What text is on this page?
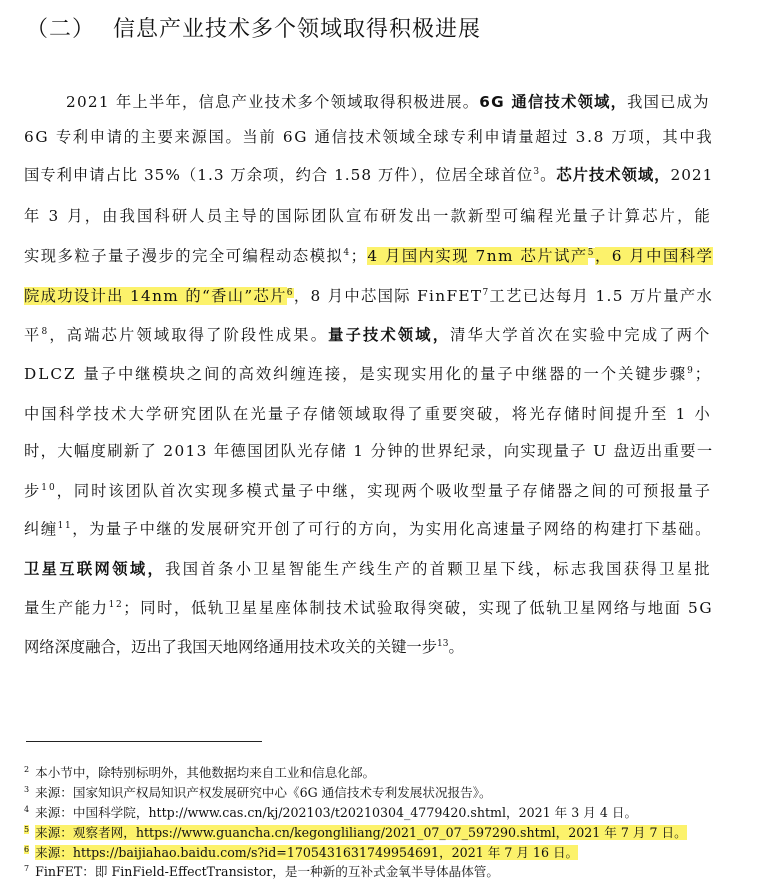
（二） 信息产业技术多个领域取得积极进展
2021 年上半年，信息产业技术多个领域取得积极进展。6G 通信技术领域，我国已成为
6G 专利申请的主要来源国。当前 6G 通信技术领域全球专利申请量超过 3.8 万项，其中我
国专利申请占比 35%（1.3 万余项，约合 1.58 万件），位居全球首位$^3$。芯片技术领域，2021
年 3 月，由我国科研人员主导的国际团队宣布研发出一款新型可编程光量子计算芯片，能
实现多粒子量子漫步的完全可编程动态模拟$^4$；4 月国内实现 7nm 芯片试产$^5$，6 月中国科学
院成功设计出 14nm 的“香山”芯片$^6$，8 月中芯国际 FinFET$^7$工艺已达每月 1.5 万片量产水
平$^8$，高端芯片领域取得了阶段性成果。量子技术领域，清华大学首次在实验中完成了两个
DLCZ 量子中继模块之间的高效纠缠连接，是实现实用化的量子中继器的一个关键步骤$^9$；
中国科学技术大学研究团队在光量子存储领域取得了重要突破，将光存储时间提升至 1 小
时，大幅度刷新了 2013 年德国团队光存储 1 分钟的世界纪录，向实现量子 U 盘迈出重要一
步$^{10}$，同时该团队首次实现多模式量子中继，实现两个吸收型量子存储器之间的可预报量子
纠缠$^{11}$，为量子中继的发展研究开创了可行的方向，为实用化高速量子网络的构建打下基础。
卫星互联网领域，我国首条小卫星智能生产线生产的首颗卫星下线，标志我国获得卫星批
量生产能力$^{12}$；同时，低轨卫星星座体制技术试验取得突破，实现了低轨卫星网络与地面 5G
网络深度融合，迈出了我国天地网络通用技术攻关的关键一步$^{13}$。
$^2$ 本小节中，除特别标明外，其他数据均来自工业和信息化部。
$^3$ 来源：国家知识产权局知识产权发展研究中心《6G 通信技术专利发展状况报告》。
$^4$ 来源：中国科学院，http://www.cas.cn/kj/202103/t20210304_4779420.shtml，2021 年 3 月 4 日。
$^5$ 来源：观察者网，https://www.guancha.cn/kegongliliang/2021_07_07_597290.shtml，2021 年 7 月 7 日。
$^6$ 来源：https://baijiahao.baidu.com/s?id=1705431631749954691，2021 年 7 月 16 日。
$^7$ FinFET：即 FinField-EffectTransistor，是一种新的互补式金氧半导体晶体管。
